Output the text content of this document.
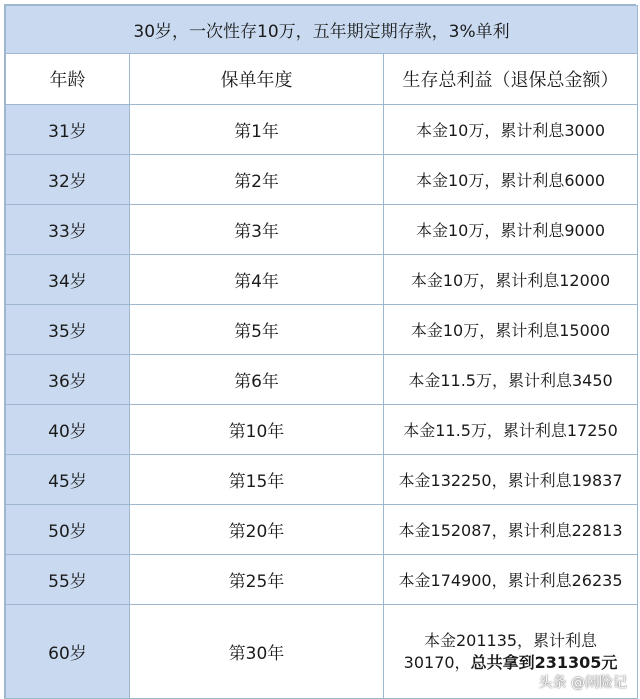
30岁，一次性存10万，五年期定期存款，3%单利		
年龄	保单年度	生存总利益（退保总金额）
31岁	第1年	本金10万，累计利息3000
32岁	第2年	本金10万，累计利息6000
33岁	第3年	本金10万，累计利息9000
34岁	第4年	本金10万，累计利息12000
35岁	第5年	本金10万，累计利息15000
36岁	第6年	本金11.5万，累计利息3450
40岁	第10年	本金11.5万，累计利息17250
45岁	第15年	本金132250，累计利息19837
50岁	第20年	本金152087，累计利息22813
55岁	第25年	本金174900，累计利息26235
60岁	第30年	本金201135，累计利息
30170，总共拿到231305元
头条 @闲险记
